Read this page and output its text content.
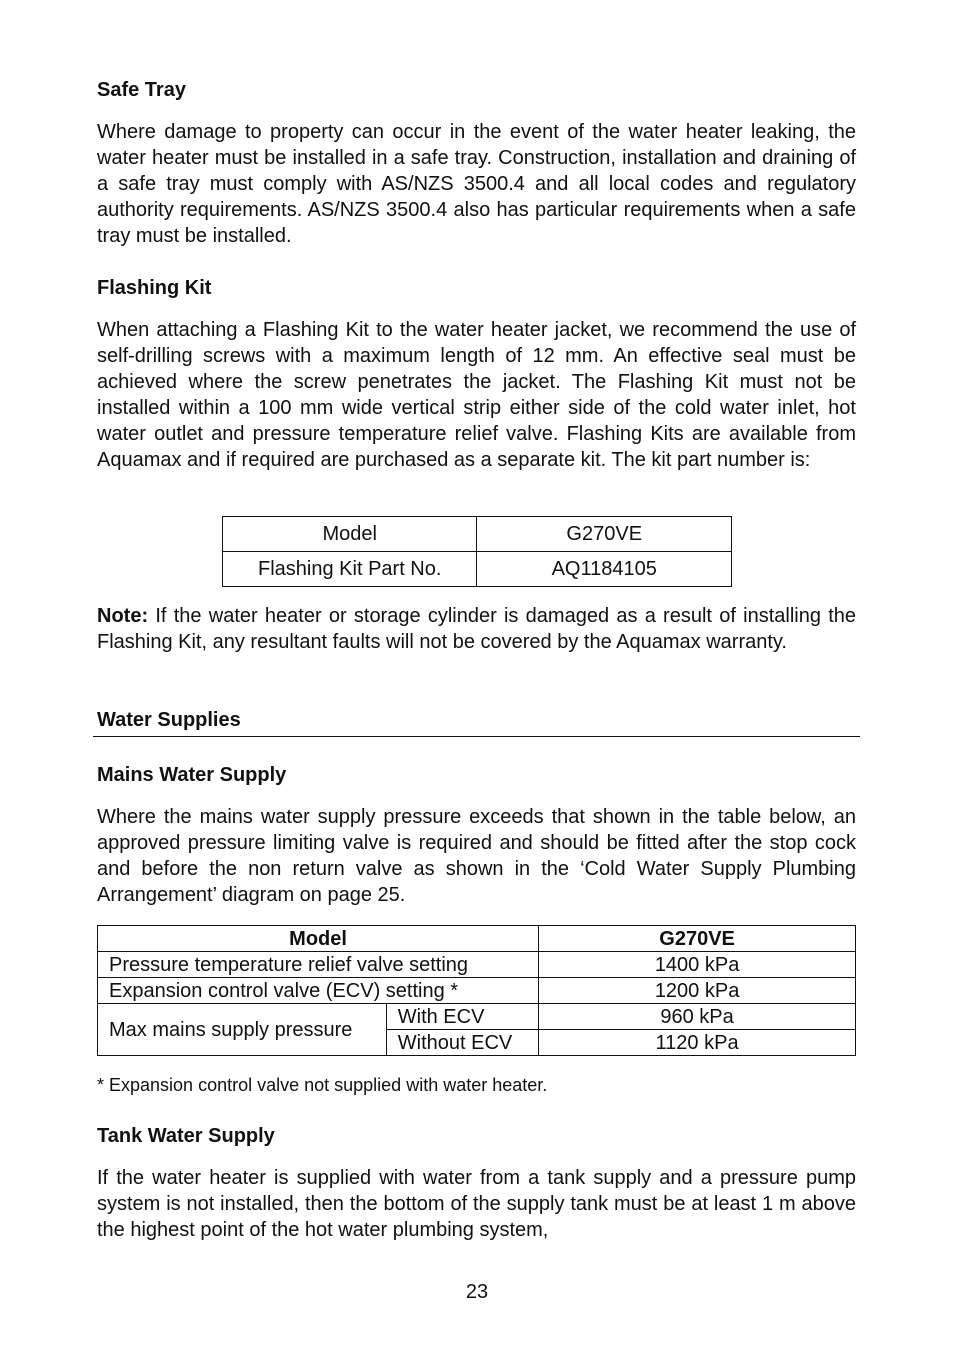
Safe Tray

Where damage to property can occur in the event of the water heater leaking, the water heater must be installed in a safe tray. Construction, installation and draining of a safe tray must comply with AS/NZS 3500.4 and all local codes and regulatory authority requirements. AS/NZS 3500.4 also has particular requirements when a safe tray must be installed.

Flashing Kit

When attaching a Flashing Kit to the water heater jacket, we recommend the use of self-drilling screws with a maximum length of 12 mm. An effective seal must be achieved where the screw penetrates the jacket. The Flashing Kit must not be installed within a 100 mm wide vertical strip either side of the cold water inlet, hot water outlet and pressure temperature relief valve. Flashing Kits are available from Aquamax and if required are purchased as a separate kit. The kit part number is:

Model	G270VE
Flashing Kit Part No.	AQ1184105

Note: If the water heater or storage cylinder is damaged as a result of installing the Flashing Kit, any resultant faults will not be covered by the Aquamax warranty.

Water Supplies
Mains Water Supply

Where the mains water supply pressure exceeds that shown in the table below, an approved pressure limiting valve is required and should be fitted after the stop cock and before the non return valve as shown in the ‘Cold Water Supply Plumbing Arrangement’ diagram on page 25.

Model		G270VE
Pressure temperature relief valve setting		1400 kPa
Expansion control valve (ECV) setting *		1200 kPa
Max mains supply pressure	With ECV	960 kPa
	Without ECV	1120 kPa

* Expansion control valve not supplied with water heater.

Tank Water Supply

If the water heater is supplied with water from a tank supply and a pressure pump system is not installed, then the bottom of the supply tank must be at least 1 m above the highest point of the hot water plumbing system,

23
